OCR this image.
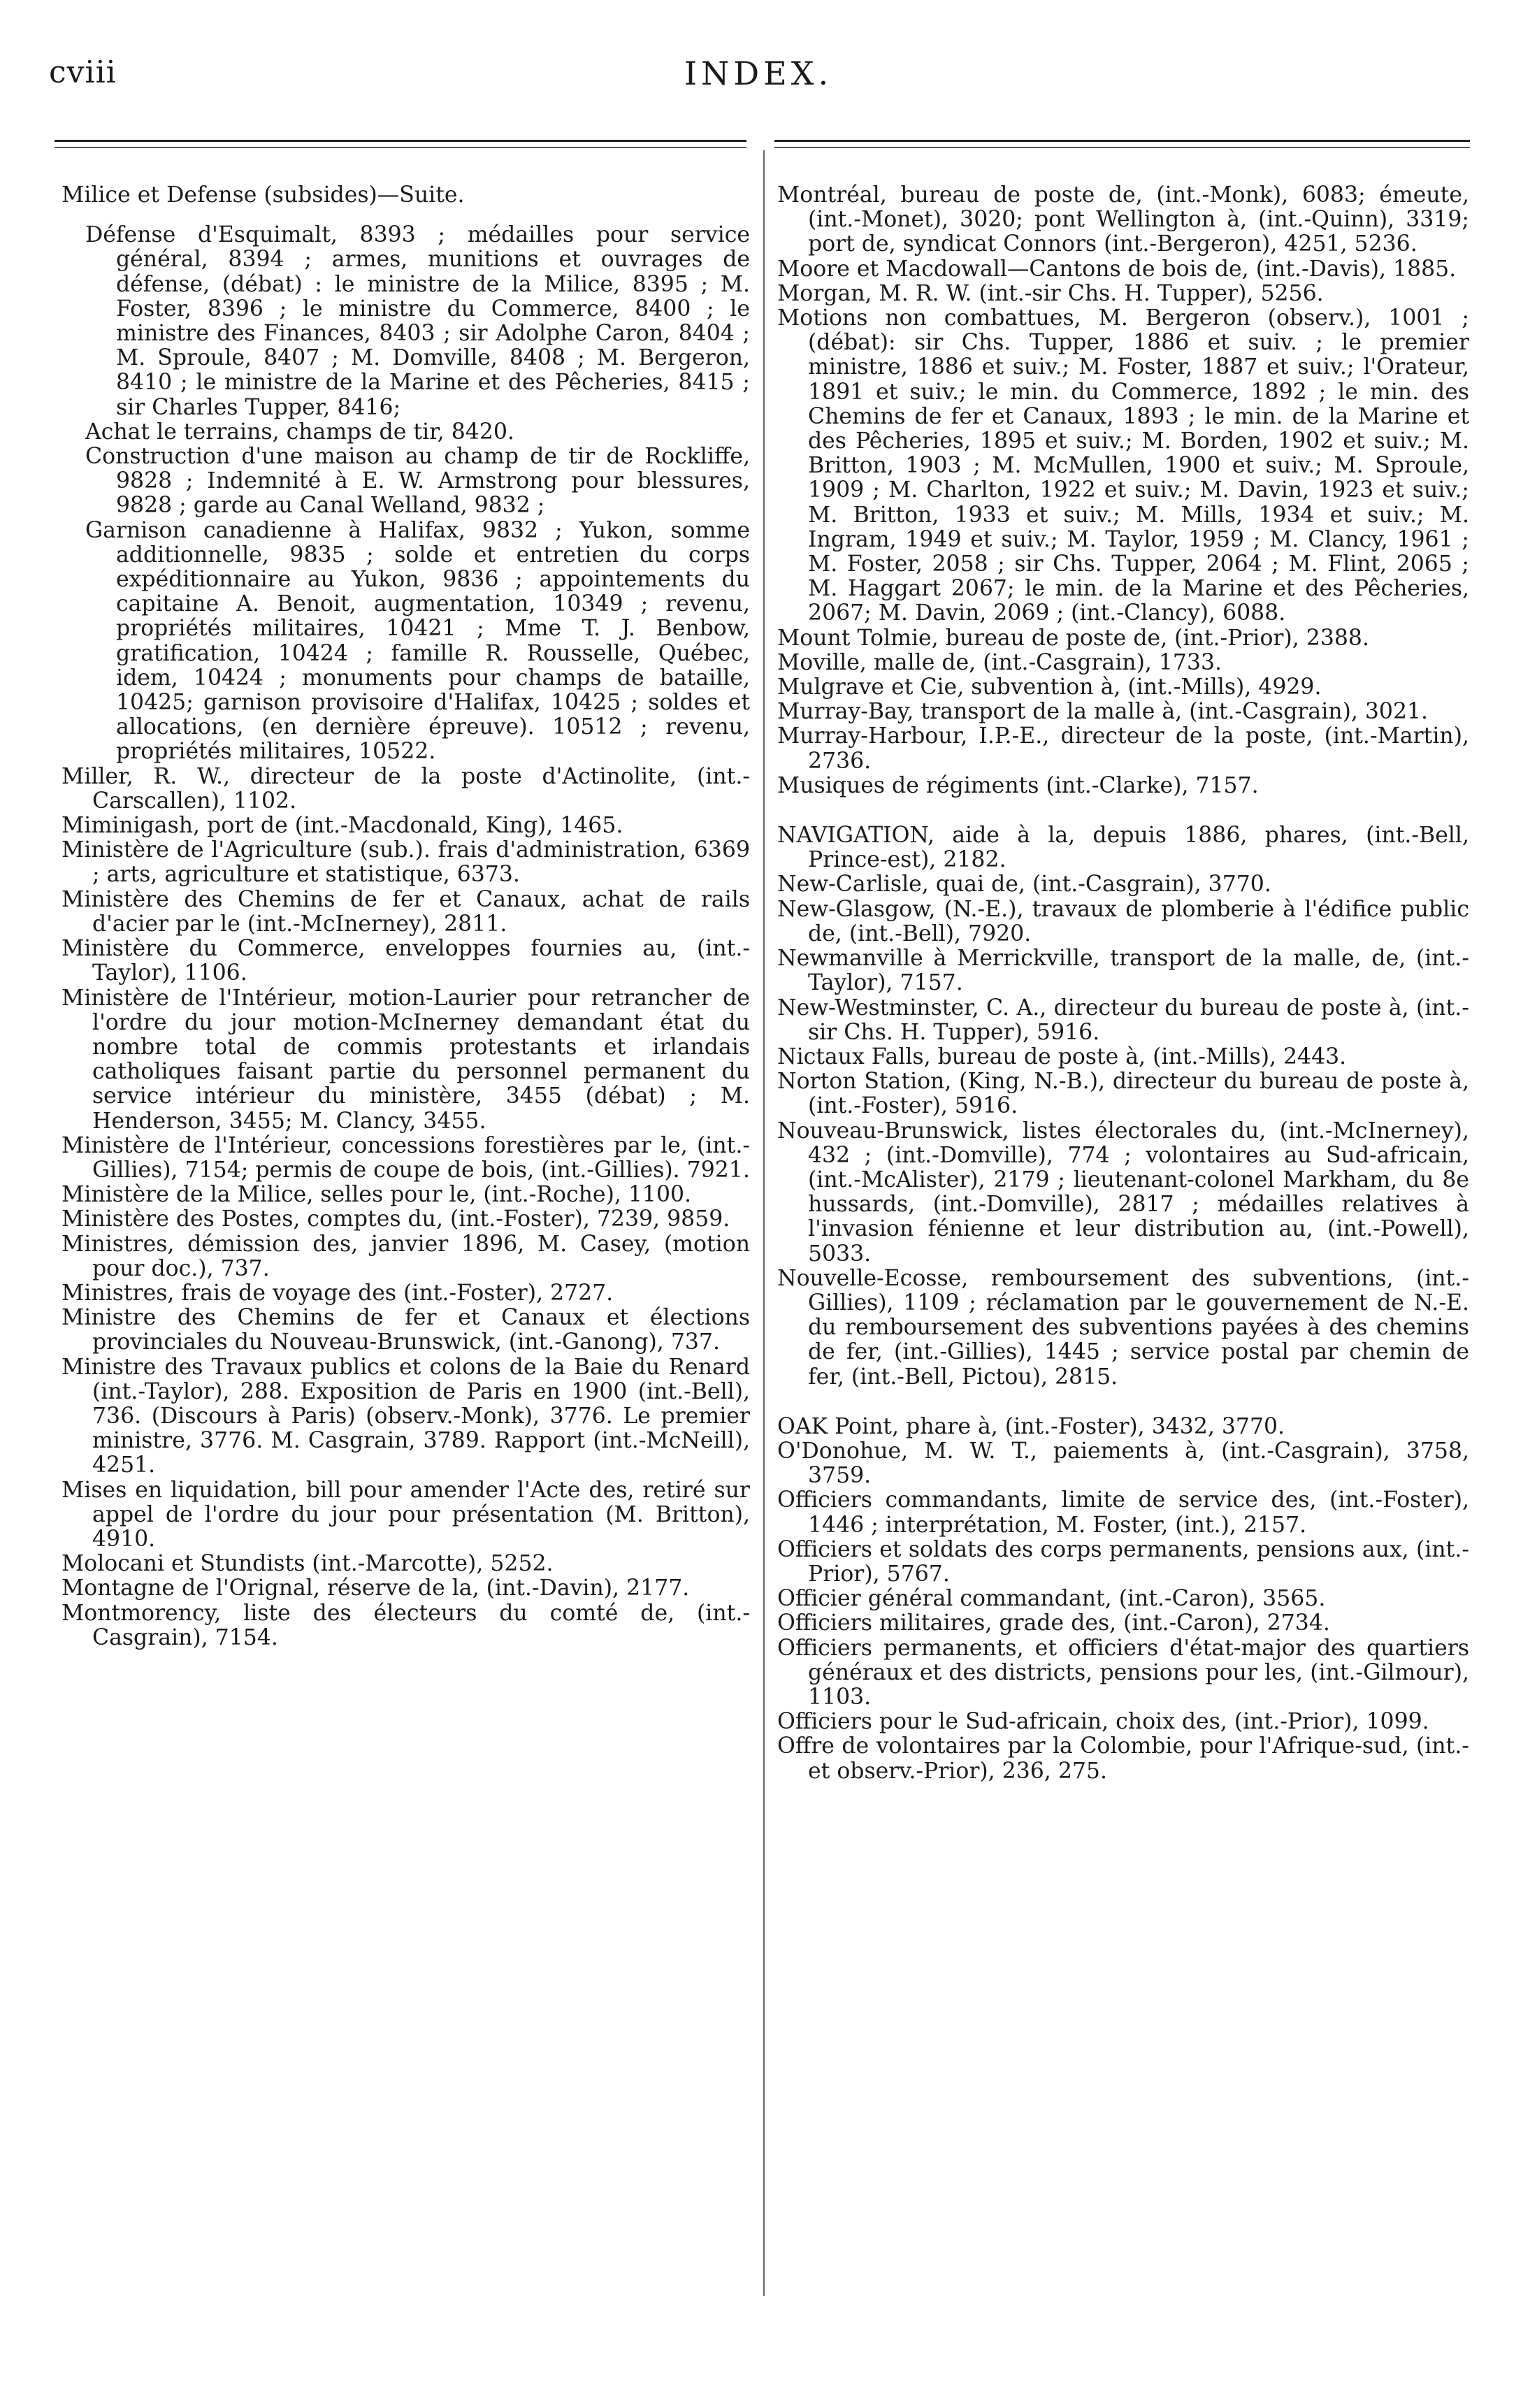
cviii	INDEX.

Milice et Defense (subsides)—Suite.

Défense d'Esquimalt, 8393 ; médailles pour service général, 8394 ; armes, munitions et ouvrages de défense, (débat) : le ministre de la Milice, 8395 ; M. Foster, 8396 ; le ministre du Commerce, 8400 ; le ministre des Finances, 8403 ; sir Adolphe Caron, 8404 ; M. Sproule, 8407 ; M. Domville, 8408 ; M. Bergeron, 8410 ; le ministre de la Marine et des Pêcheries, 8415 ; sir Charles Tupper, 8416;

Achat le terrains, champs de tir, 8420.

Construction d'une maison au champ de tir de Rockliffe, 9828 ; Indemnité à E. W. Armstrong pour blessures, 9828 ; garde au Canal Welland, 9832 ;

Garnison canadienne à Halifax, 9832 ; Yukon, somme additionnelle, 9835 ; solde et entretien du corps expéditionnaire au Yukon, 9836 ; appointements du capitaine A. Benoit, augmentation, 10349 ; revenu, propriétés militaires, 10421 ; Mme T. J. Benbow, gratification, 10424 ; famille R. Rousselle, Québec, idem, 10424 ; monuments pour champs de bataille, 10425; garnison provisoire d'Halifax, 10425 ; soldes et allocations, (en dernière épreuve). 10512 ; revenu, propriétés militaires, 10522.

Miller, R. W., directeur de la poste d'Actinolite, (int.-Carscallen), 1102.

Miminigash, port de (int.-Macdonald, King), 1465.

Ministère de l'Agriculture (sub.). frais d'administration, 6369 ; arts, agriculture et statistique, 6373.

Ministère des Chemins de fer et Canaux, achat de rails d'acier par le (int.-McInerney), 2811.

Ministère du Commerce, enveloppes fournies au, (int.-Taylor), 1106.

Ministère de l'Intérieur, motion-Laurier pour retrancher de l'ordre du jour motion-McInerney demandant état du nombre total de commis protestants et irlandais catholiques faisant partie du personnel permanent du service intérieur du ministère, 3455 (débat) ; M. Henderson, 3455; M. Clancy, 3455.

Ministère de l'Intérieur, concessions forestières par le, (int.-Gillies), 7154; permis de coupe de bois, (int.-Gillies). 7921.

Ministère de la Milice, selles pour le, (int.-Roche), 1100.

Ministère des Postes, comptes du, (int.-Foster), 7239, 9859.

Ministres, démission des, janvier 1896, M. Casey, (motion pour doc.), 737.

Ministres, frais de voyage des (int.-Foster), 2727.

Ministre des Chemins de fer et Canaux et élections provinciales du Nouveau-Brunswick, (int.-Ganong), 737.

Ministre des Travaux publics et colons de la Baie du Renard (int.-Taylor), 288. Exposition de Paris en 1900 (int.-Bell), 736. (Discours à Paris) (observ.-Monk), 3776. Le premier ministre, 3776. M. Casgrain, 3789. Rapport (int.-McNeill), 4251.

Mises en liquidation, bill pour amender l'Acte des, retiré sur appel de l'ordre du jour pour présentation (M. Britton), 4910.

Molocani et Stundists (int.-Marcotte), 5252.

Montagne de l'Orignal, réserve de la, (int.-Davin), 2177.

Montmorency, liste des électeurs du comté de, (int.-Casgrain), 7154.

Montréal, bureau de poste de, (int.-Monk), 6083; émeute, (int.-Monet), 3020; pont Wellington à, (int.-Quinn), 3319; port de, syndicat Connors (int.-Bergeron), 4251, 5236.

Moore et Macdowall—Cantons de bois de, (int.-Davis), 1885.

Morgan, M. R. W. (int.-sir Chs. H. Tupper), 5256.

Motions non combattues, M. Bergeron (observ.), 1001 ; (débat): sir Chs. Tupper, 1886 et suiv. ; le premier ministre, 1886 et suiv.; M. Foster, 1887 et suiv.; l'Orateur, 1891 et suiv.; le min. du Commerce, 1892 ; le min. des Chemins de fer et Canaux, 1893 ; le min. de la Marine et des Pêcheries, 1895 et suiv.; M. Borden, 1902 et suiv.; M. Britton, 1903 ; M. McMullen, 1900 et suiv.; M. Sproule, 1909 ; M. Charlton, 1922 et suiv.; M. Davin, 1923 et suiv.; M. Britton, 1933 et suiv.; M. Mills, 1934 et suiv.; M. Ingram, 1949 et suiv.; M. Taylor, 1959 ; M. Clancy, 1961 ; M. Foster, 2058 ; sir Chs. Tupper, 2064 ; M. Flint, 2065 ; M. Haggart 2067; le min. de la Marine et des Pêcheries, 2067; M. Davin, 2069 ; (int.-Clancy), 6088.

Mount Tolmie, bureau de poste de, (int.-Prior), 2388.

Moville, malle de, (int.-Casgrain), 1733.

Mulgrave et Cie, subvention à, (int.-Mills), 4929.

Murray-Bay, transport de la malle à, (int.-Casgrain), 3021.

Murray-Harbour, I.P.-E., directeur de la poste, (int.-Martin), 2736.

Musiques de régiments (int.-Clarke), 7157.

NAVIGATION, aide à la, depuis 1886, phares, (int.-Bell, Prince-est), 2182.

New-Carlisle, quai de, (int.-Casgrain), 3770.

New-Glasgow, (N.-E.), travaux de plomberie à l'édifice public de, (int.-Bell), 7920.

Newmanville à Merrickville, transport de la malle, de, (int.-Taylor), 7157.

New-Westminster, C. A., directeur du bureau de poste à, (int.-sir Chs. H. Tupper), 5916.

Nictaux Falls, bureau de poste à, (int.-Mills), 2443.

Norton Station, (King, N.-B.), directeur du bureau de poste à, (int.-Foster), 5916.

Nouveau-Brunswick, listes électorales du, (int.-McInerney), 432 ; (int.-Domville), 774 ; volontaires au Sud-africain, (int.-McAlister), 2179 ; lieutenant-colonel Markham, du 8e hussards, (int.-Domville), 2817 ; médailles relatives à l'invasion fénienne et leur distribution au, (int.-Powell), 5033.

Nouvelle-Ecosse, remboursement des subventions, (int.-Gillies), 1109 ; réclamation par le gouvernement de N.-E. du remboursement des subventions payées à des chemins de fer, (int.-Gillies), 1445 ; service postal par chemin de fer, (int.-Bell, Pictou), 2815.

OAK Point, phare à, (int.-Foster), 3432, 3770.

O'Donohue, M. W. T., paiements à, (int.-Casgrain), 3758, 3759.

Officiers commandants, limite de service des, (int.-Foster), 1446 ; interprétation, M. Foster, (int.), 2157.

Officiers et soldats des corps permanents, pensions aux, (int.-Prior), 5767.

Officier général commandant, (int.-Caron), 3565.

Officiers militaires, grade des, (int.-Caron), 2734.

Officiers permanents, et officiers d'état-major des quartiers généraux et des districts, pensions pour les, (int.-Gilmour), 1103.

Officiers pour le Sud-africain, choix des, (int.-Prior), 1099.

Offre de volontaires par la Colombie, pour l'Afrique-sud, (int.-et observ.-Prior), 236, 275.
